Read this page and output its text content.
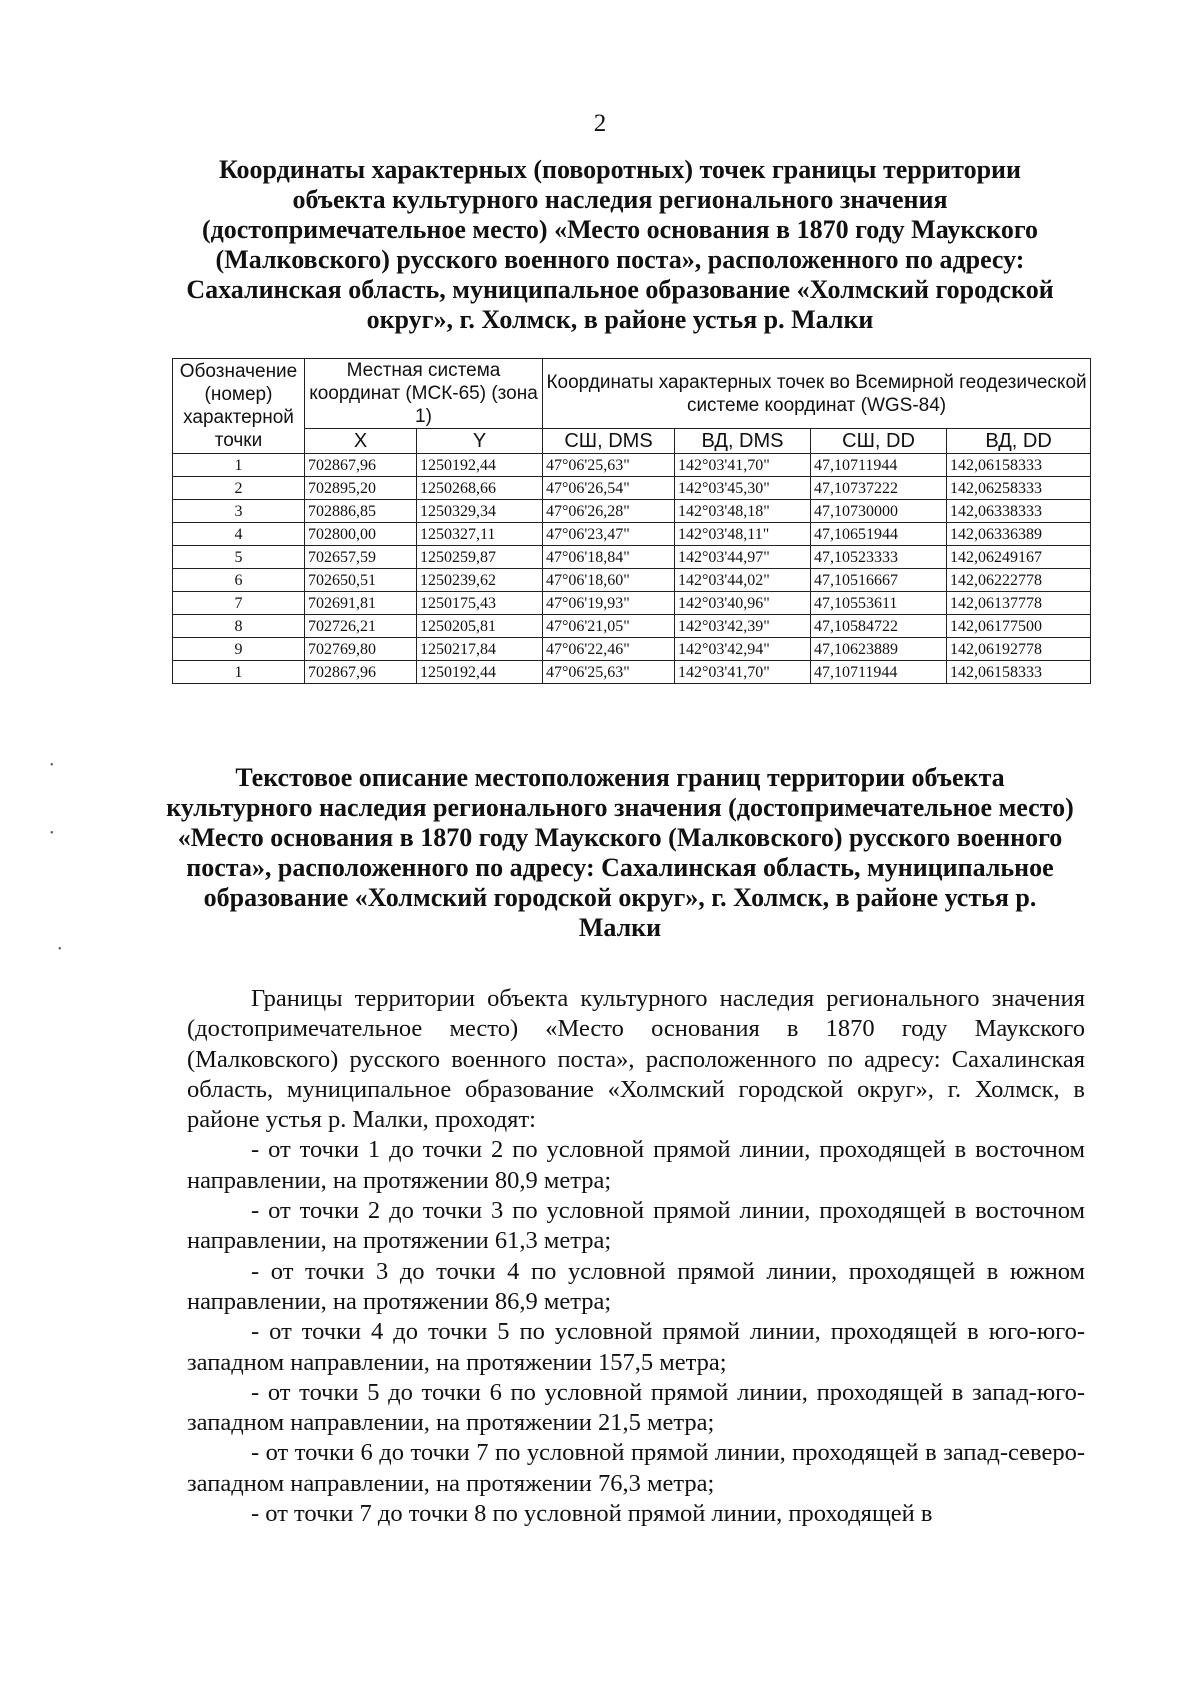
2
Координаты характерных (поворотных) точек границы территории объекта культурного наследия регионального значения (достопримечательное место) «Место основания в 1870 году Маукского (Малковского) русского военного поста», расположенного по адресу: Сахалинская область, муниципальное образование «Холмский городской округ», г. Холмск, в районе устья р. Малки
Обозначение (номер) характерной точки	Местная система координат (МСК-65) (зона 1)		Координаты характерных точек во Всемирной геодезической системе координат (WGS-84)			
	X	Y	СШ, DMS	ВД, DMS	СШ, DD	ВД, DD
1	702867,96	1250192,44	47°06'25,63"	142°03'41,70"	47,10711944	142,06158333
2	702895,20	1250268,66	47°06'26,54"	142°03'45,30"	47,10737222	142,06258333
3	702886,85	1250329,34	47°06'26,28"	142°03'48,18"	47,10730000	142,06338333
4	702800,00	1250327,11	47°06'23,47"	142°03'48,11"	47,10651944	142,06336389
5	702657,59	1250259,87	47°06'18,84"	142°03'44,97"	47,10523333	142,06249167
6	702650,51	1250239,62	47°06'18,60"	142°03'44,02"	47,10516667	142,06222778
7	702691,81	1250175,43	47°06'19,93"	142°03'40,96"	47,10553611	142,06137778
8	702726,21	1250205,81	47°06'21,05"	142°03'42,39"	47,10584722	142,06177500
9	702769,80	1250217,84	47°06'22,46"	142°03'42,94"	47,10623889	142,06192778
1	702867,96	1250192,44	47°06'25,63"	142°03'41,70"	47,10711944	142,06158333
Текстовое описание местоположения границ территории объекта культурного наследия регионального значения (достопримечательное место) «Место основания в 1870 году Маукского (Малковского) русского военного поста», расположенного по адресу: Сахалинская область, муниципальное образование «Холмский городской округ», г. Холмск, в районе устья р. Малки

Границы территории объекта культурного наследия регионального значения (достопримечательное место) «Место основания в 1870 году Маукского (Малковского) русского военного поста», расположенного по адресу: Сахалинская область, муниципальное образование «Холмский городской округ», г. Холмск, в районе устья р. Малки, проходят:

- от точки 1 до точки 2 по условной прямой линии, проходящей в восточном направлении, на протяжении 80,9 метра;

- от точки 2 до точки 3 по условной прямой линии, проходящей в восточном направлении, на протяжении 61,3 метра;

- от точки 3 до точки 4 по условной прямой линии, проходящей в южном направлении, на протяжении 86,9 метра;

- от точки 4 до точки 5 по условной прямой линии, проходящей в юго-юго-западном направлении, на протяжении 157,5 метра;

- от точки 5 до точки 6 по условной прямой линии, проходящей в запад-юго-западном направлении, на протяжении 21,5 метра;

- от точки 6 до точки 7 по условной прямой линии, проходящей в запад-северо-западном направлении, на протяжении 76,3 метра;

- от точки 7 до точки 8 по условной прямой линии, проходящей в

•
•
•
